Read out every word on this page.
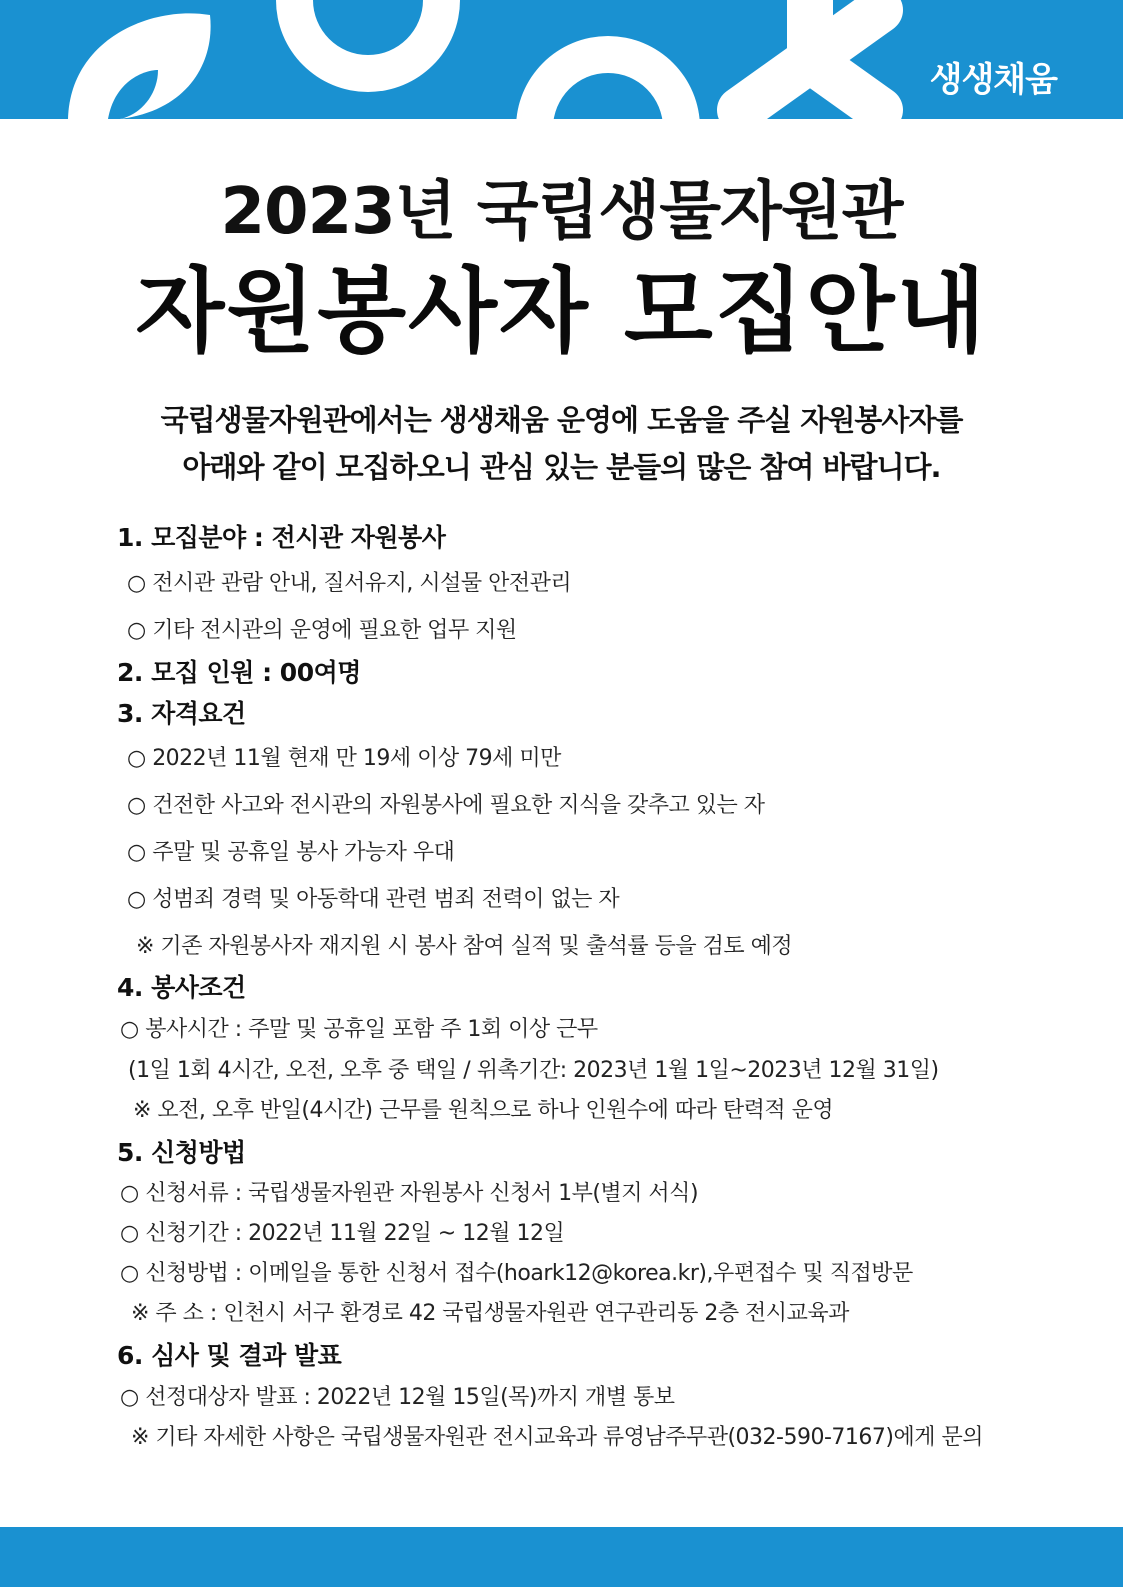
생생채움
2023년 국립생물자원관
자원봉사자 모집안내
국립생물자원관에서는 생생채움 운영에 도움을 주실 자원봉사자를
아래와 같이 모집하오니 관심 있는 분들의 많은 참여 바랍니다.
1. 모집분야 : 전시관 자원봉사
○ 전시관 관람 안내, 질서유지, 시설물 안전관리
○ 기타 전시관의 운영에 필요한 업무 지원
2. 모집 인원 : 00여명
3. 자격요건
○ 2022년 11월 현재 만 19세 이상 79세 미만
○ 건전한 사고와 전시관의 자원봉사에 필요한 지식을 갖추고 있는 자
○ 주말 및 공휴일 봉사 가능자 우대
○ 성범죄 경력 및 아동학대 관련 범죄 전력이 없는 자
※ 기존 자원봉사자 재지원 시 봉사 참여 실적 및 출석률 등을 검토 예정
4. 봉사조건
○ 봉사시간 : 주말 및 공휴일 포함 주 1회 이상 근무
(1일 1회 4시간, 오전, 오후 중 택일 / 위촉기간: 2023년 1월 1일~2023년 12월 31일)
※ 오전, 오후 반일(4시간) 근무를 원칙으로 하나 인원수에 따라 탄력적 운영
5. 신청방법
○ 신청서류 : 국립생물자원관 자원봉사 신청서 1부(별지 서식)
○ 신청기간 : 2022년 11월 22일 ~ 12월 12일
○ 신청방법 : 이메일을 통한 신청서 접수(hoark12@korea.kr),우편접수 및 직접방문
※ 주 소 : 인천시 서구 환경로 42 국립생물자원관 연구관리동 2층 전시교육과
6. 심사 및 결과 발표
○ 선정대상자 발표 : 2022년 12월 15일(목)까지 개별 통보
※ 기타 자세한 사항은 국립생물자원관 전시교육과 류영남주무관(032-590-7167)에게 문의
